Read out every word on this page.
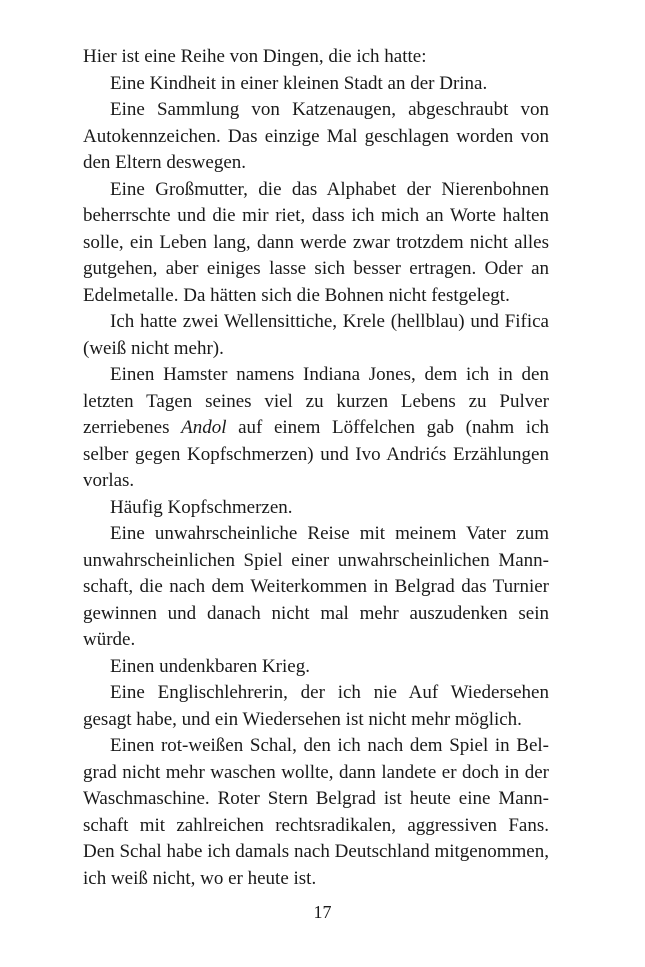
Hier ist eine Reihe von Dingen, die ich hatte:

Eine Kindheit in einer kleinen Stadt an der Drina.

Eine Sammlung von Katzenaugen, abgeschraubt von Autokennzeichen. Das einzige Mal geschlagen worden von den Eltern deswegen.

Eine Großmutter, die das Alphabet der Nierenbohnen beherrschte und die mir riet, dass ich mich an Worte halten solle, ein Leben lang, dann werde zwar trotzdem nicht alles gutgehen, aber einiges lasse sich besser ertragen. Oder an Edelmetalle. Da hätten sich die Bohnen nicht festgelegt.

Ich hatte zwei Wellensittiche, Krele (hellblau) und Fifica (weiß nicht mehr).

Einen Hamster namens Indiana Jones, dem ich in den letzten Tagen seines viel zu kurzen Lebens zu Pulver zerriebenes Andol auf einem Löffelchen gab (nahm ich selber gegen Kopfschmerzen) und Ivo Andrićs Erzählungen vorlas.

Häufig Kopfschmerzen.

Eine unwahrscheinliche Reise mit meinem Vater zum unwahrscheinlichen Spiel einer unwahrscheinlichen Mannschaft, die nach dem Weiterkommen in Belgrad das Turnier gewinnen und danach nicht mal mehr auszudenken sein würde.

Einen undenkbaren Krieg.

Eine Englischlehrerin, der ich nie Auf Wiedersehen gesagt habe, und ein Wiedersehen ist nicht mehr möglich.

Einen rot-weißen Schal, den ich nach dem Spiel in Belgrad nicht mehr waschen wollte, dann landete er doch in der Waschmaschine. Roter Stern Belgrad ist heute eine Mannschaft mit zahlreichen rechtsradikalen, aggressiven Fans. Den Schal habe ich damals nach Deutschland mitgenommen, ich weiß nicht, wo er heute ist.

17
